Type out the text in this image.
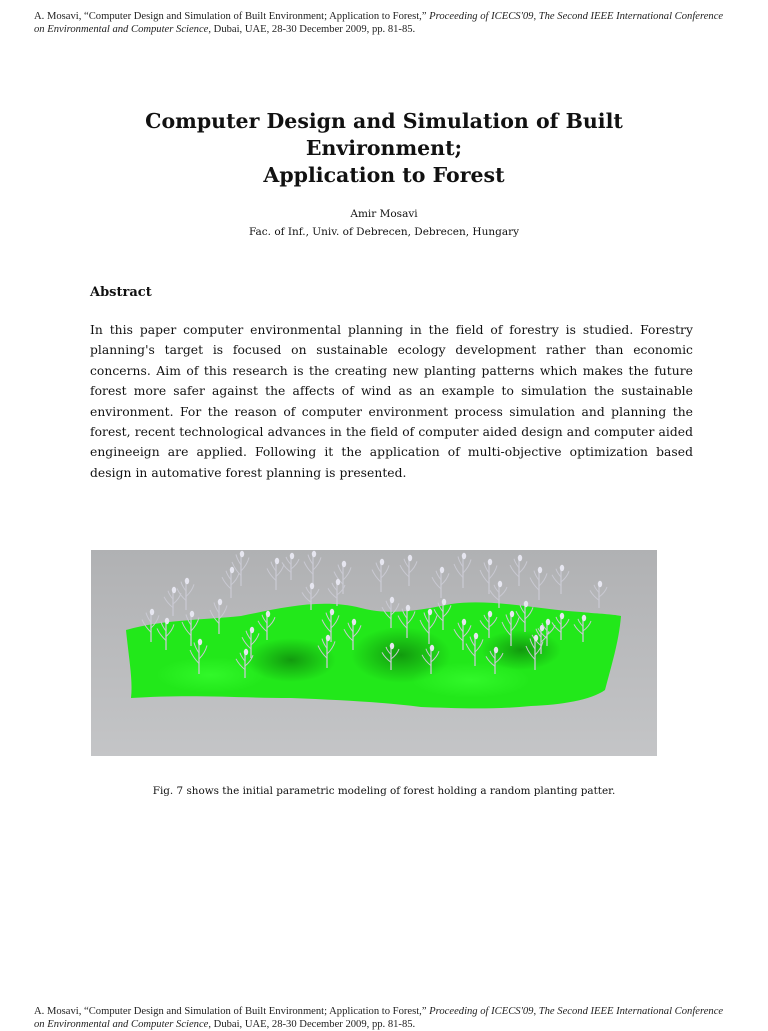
A. Mosavi, “Computer Design and Simulation of Built Environment; Application to Forest,” Proceeding of ICECS'09, The Second IEEE International Conference on Environmental and Computer Science, Dubai, UAE, 28-30 December 2009, pp. 81-85.
Computer Design and Simulation of Built Environment;
Application to Forest
Amir Mosavi
Fac. of Inf., Univ. of Debrecen, Debrecen, Hungary
Abstract
In this paper computer environmental planning in the field of forestry is studied. Forestry planning's target is focused on sustainable ecology development rather than economic concerns. Aim of this research is the creating new planting patterns which makes the future forest more safer against the affects of wind as an example to simulation the sustainable environment. For the reason of computer environment process simulation and planning the forest, recent technological advances in the field of computer aided design and computer aided engineeign are applied. Following it the application of multi-objective optimization based design in automative forest planning is presented.
Fig. 7 shows the initial parametric modeling of forest holding a random planting patter.
A. Mosavi, “Computer Design and Simulation of Built Environment; Application to Forest,” Proceeding of ICECS'09, The Second IEEE International Conference on Environmental and Computer Science, Dubai, UAE, 28-30 December 2009, pp. 81-85.
